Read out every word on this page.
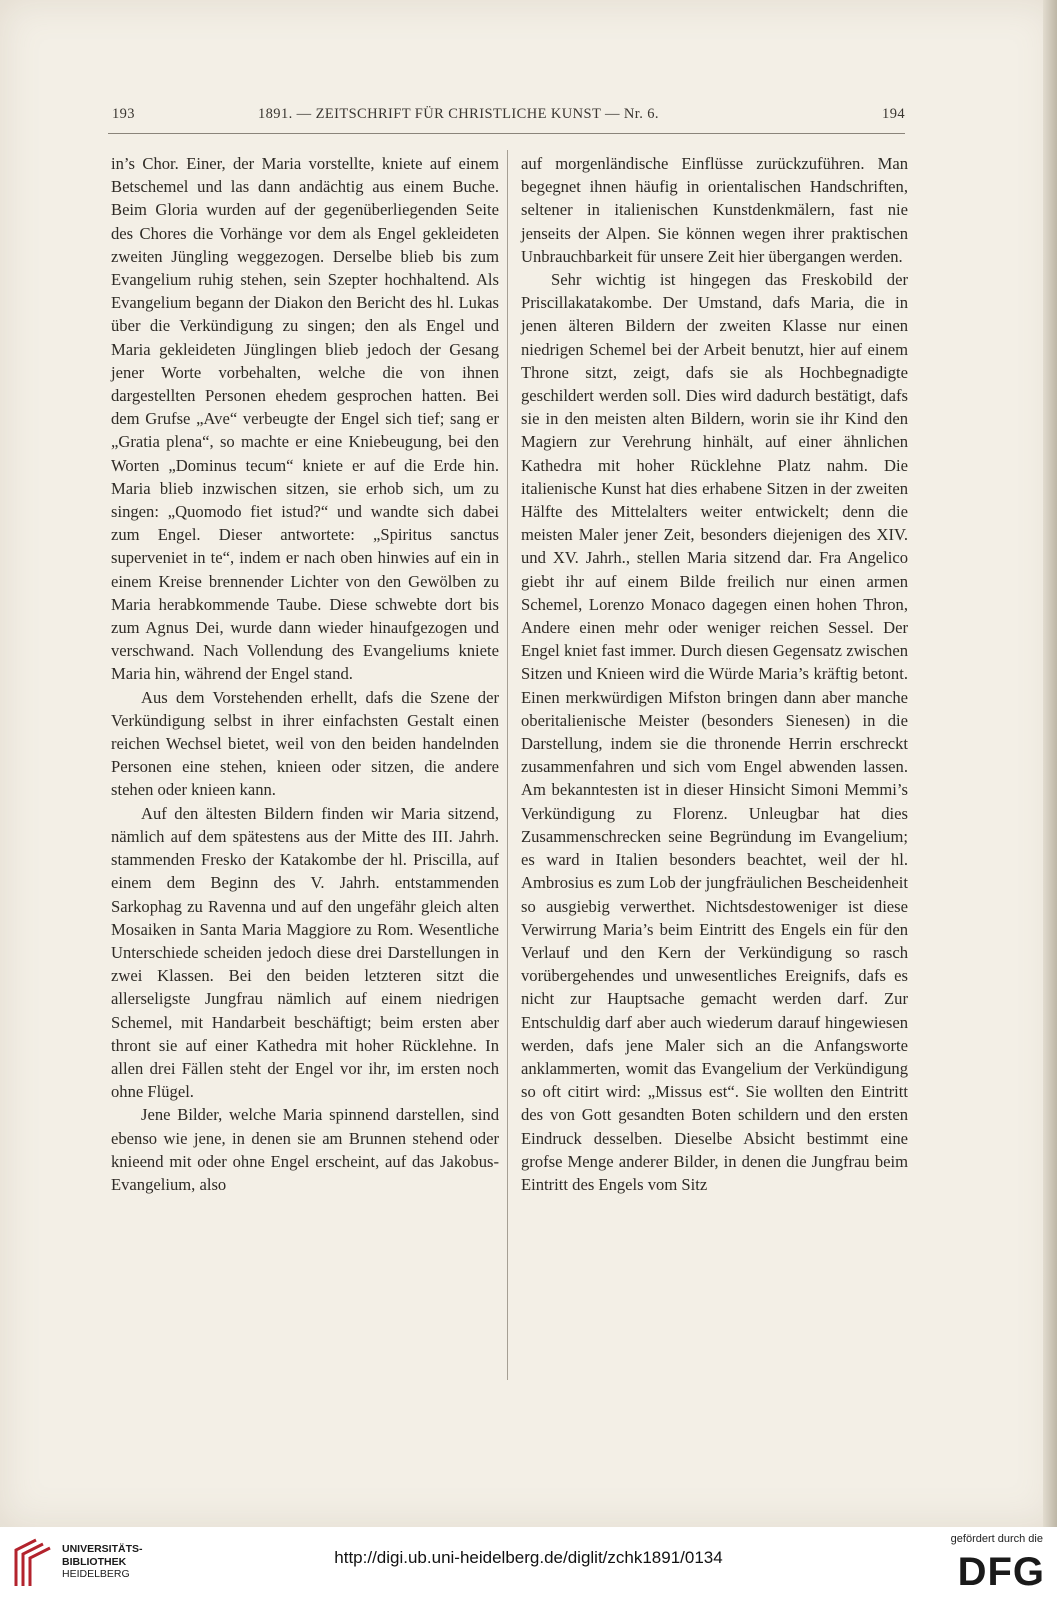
193	1891. — ZEITSCHRIFT FÜR CHRISTLICHE KUNST — Nr. 6.	194

in’s Chor. Einer, der Maria vorstellte, kniete auf einem Betschemel und las dann andächtig aus einem Buche. Beim Gloria wurden auf der gegenüberliegenden Seite des Chores die Vorhänge vor dem als Engel gekleideten zweiten Jüngling weggezogen. Derselbe blieb bis zum Evangelium ruhig stehen, sein Szepter hochhaltend. Als Evangelium begann der Diakon den Bericht des hl. Lukas über die Verkündigung zu singen; den als Engel und Maria gekleideten Jünglingen blieb jedoch der Gesang jener Worte vorbehalten, welche die von ihnen dargestellten Personen ehedem gesprochen hatten. Bei dem Grufse „Ave“ verbeugte der Engel sich tief; sang er „Gratia plena“, so machte er eine Kniebeugung, bei den Worten „Dominus tecum“ kniete er auf die Erde hin. Maria blieb inzwischen sitzen, sie erhob sich, um zu singen: „Quomodo fiet istud?“ und wandte sich dabei zum Engel. Dieser antwortete: „Spiritus sanctus superveniet in te“, indem er nach oben hinwies auf ein in einem Kreise brennender Lichter von den Gewölben zu Maria herabkommende Taube. Diese schwebte dort bis zum Agnus Dei, wurde dann wieder hinaufgezogen und verschwand. Nach Vollendung des Evangeliums kniete Maria hin, während der Engel stand.

Aus dem Vorstehenden erhellt, dafs die Szene der Verkündigung selbst in ihrer einfachsten Gestalt einen reichen Wechsel bietet, weil von den beiden handelnden Personen eine stehen, knieen oder sitzen, die andere stehen oder knieen kann.

Auf den ältesten Bildern finden wir Maria sitzend, nämlich auf dem spätestens aus der Mitte des III. Jahrh. stammenden Fresko der Katakombe der hl. Priscilla, auf einem dem Beginn des V. Jahrh. entstammenden Sarkophag zu Ravenna und auf den ungefähr gleich alten Mosaiken in Santa Maria Maggiore zu Rom. Wesentliche Unterschiede scheiden jedoch diese drei Darstellungen in zwei Klassen. Bei den beiden letzteren sitzt die allerseligste Jungfrau nämlich auf einem niedrigen Schemel, mit Handarbeit beschäftigt; beim ersten aber thront sie auf einer Kathedra mit hoher Rücklehne. In allen drei Fällen steht der Engel vor ihr, im ersten noch ohne Flügel.

Jene Bilder, welche Maria spinnend darstellen, sind ebenso wie jene, in denen sie am Brunnen stehend oder knieend mit oder ohne Engel erscheint, auf das Jakobus-Evangelium, also

auf morgenländische Einflüsse zurückzuführen. Man begegnet ihnen häufig in orientalischen Handschriften, seltener in italienischen Kunstdenkmälern, fast nie jenseits der Alpen. Sie können wegen ihrer praktischen Unbrauchbarkeit für unsere Zeit hier übergangen werden.

Sehr wichtig ist hingegen das Freskobild der Priscillakatakombe. Der Umstand, dafs Maria, die in jenen älteren Bildern der zweiten Klasse nur einen niedrigen Schemel bei der Arbeit benutzt, hier auf einem Throne sitzt, zeigt, dafs sie als Hochbegnadigte geschildert werden soll. Dies wird dadurch bestätigt, dafs sie in den meisten alten Bildern, worin sie ihr Kind den Magiern zur Verehrung hinhält, auf einer ähnlichen Kathedra mit hoher Rücklehne Platz nahm. Die italienische Kunst hat dies erhabene Sitzen in der zweiten Hälfte des Mittelalters weiter entwickelt; denn die meisten Maler jener Zeit, besonders diejenigen des XIV. und XV. Jahrh., stellen Maria sitzend dar. Fra Angelico giebt ihr auf einem Bilde freilich nur einen armen Schemel, Lorenzo Monaco dagegen einen hohen Thron, Andere einen mehr oder weniger reichen Sessel. Der Engel kniet fast immer. Durch diesen Gegensatz zwischen Sitzen und Knieen wird die Würde Maria’s kräftig betont. Einen merkwürdigen Mifston bringen dann aber manche oberitalienische Meister (besonders Sienesen) in die Darstellung, indem sie die thronende Herrin erschreckt zusammenfahren und sich vom Engel abwenden lassen. Am bekanntesten ist in dieser Hinsicht Simoni Memmi’s Verkündigung zu Florenz. Unleugbar hat dies Zusammenschrecken seine Begründung im Evangelium; es ward in Italien besonders beachtet, weil der hl. Ambrosius es zum Lob der jungfräulichen Bescheidenheit so ausgiebig verwerthet. Nichtsdestoweniger ist diese Verwirrung Maria’s beim Eintritt des Engels ein für den Verlauf und den Kern der Verkündigung so rasch vorübergehendes und unwesentliches Ereignifs, dafs es nicht zur Hauptsache gemacht werden darf. Zur Entschuldig darf aber auch wiederum darauf hingewiesen werden, dafs jene Maler sich an die Anfangsworte anklammerten, womit das Evangelium der Verkündigung so oft citirt wird: „Missus est“. Sie wollten den Eintritt des von Gott gesandten Boten schildern und den ersten Eindruck desselben. Dieselbe Absicht bestimmt eine grofse Menge anderer Bilder, in denen die Jungfrau beim Eintritt des Engels vom Sitz

UNIVERSITÄTS-
BIBLIOTHEK
HEIDELBERG
http://digi.ub.uni-heidelberg.de/diglit/zchk1891/0134
gefördert durch die
DFG
